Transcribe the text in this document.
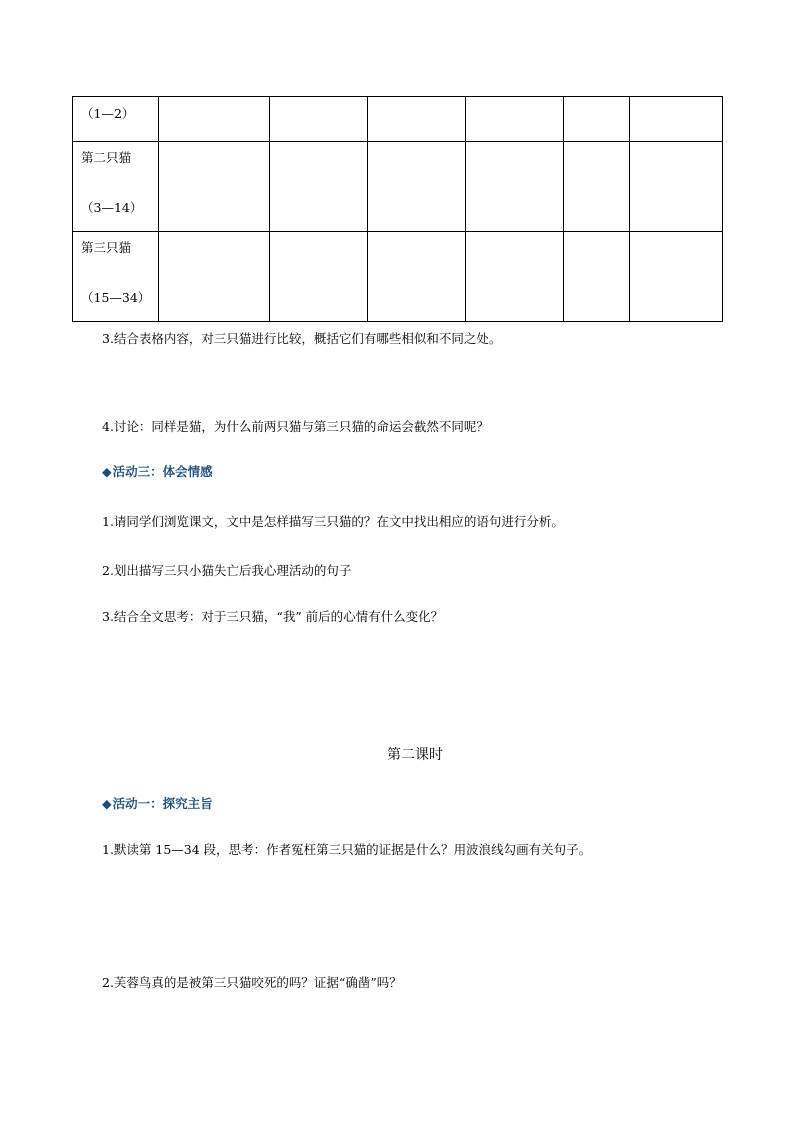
（1—2）						

第二只猫
（3—14）						

第三只猫
（15—34）						

3.结合表格内容，对三只猫进行比较，概括它们有哪些相似和不同之处。
4.讨论：同样是猫，为什么前两只猫与第三只猫的命运会截然不同呢？
◆活动三：体会情感
1.请同学们浏览课文，文中是怎样描写三只猫的？在文中找出相应的语句进行分析。
2.划出描写三只小猫失亡后我心理活动的句子
3.结合全文思考：对于三只猫，“我” 前后的心情有什么变化？
第二课时
◆活动一：探究主旨
1.默读第 15—34 段，思考：作者冤枉第三只猫的证据是什么？用波浪线勾画有关句子。
2.芙蓉鸟真的是被第三只猫咬死的吗？证据“确凿”吗？
